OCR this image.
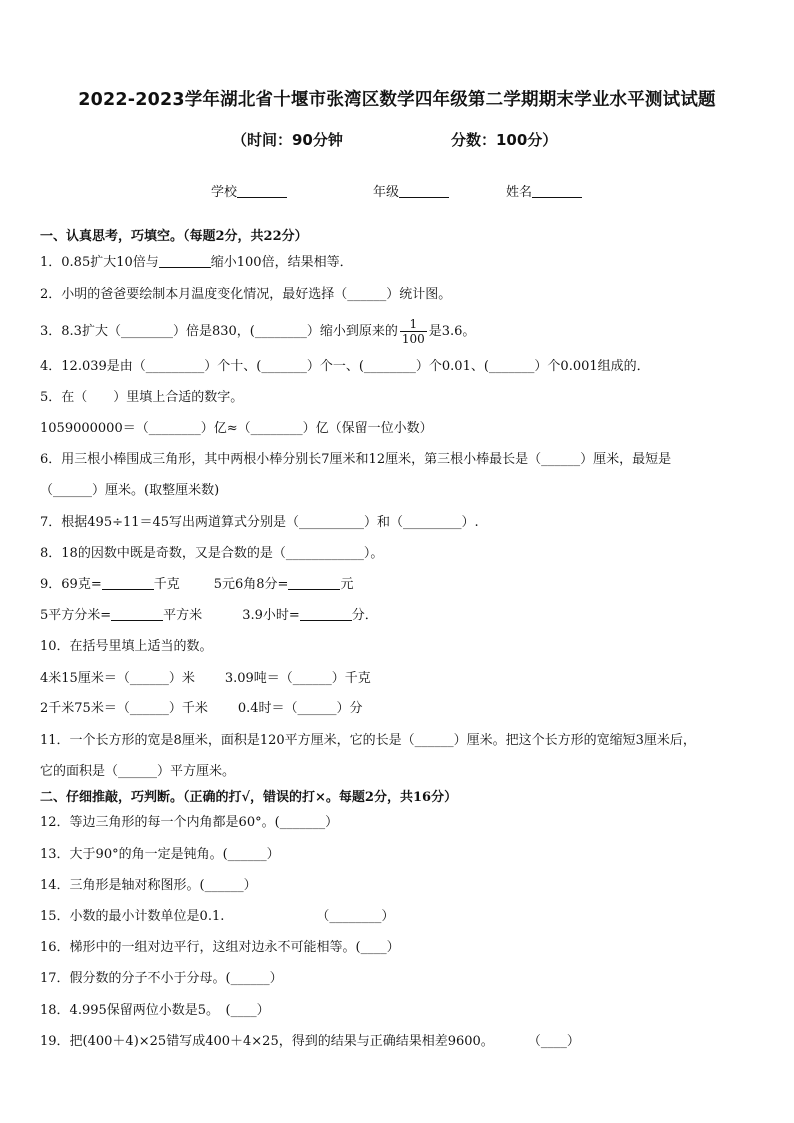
2022-2023学年湖北省十堰市张湾区数学四年级第二学期期末学业水平测试试题
（时间：90分钟	分数：100分）
学校	年级	姓名
一、认真思考，巧填空。（每题2分，共22分）
1．0.85扩大10倍与	缩小100倍，结果相等．
2．小明的爸爸要绘制本月温度变化情况，最好选择（______）统计图。
3．8.3扩大（________）倍是830，(________）缩小到原来的 $\frac{1}{100}$ 是3.6。
4．12.039是由（_________）个十、(_______）个一、(________）个0.01、(_______）个0.001组成的．
5．在（　　）里填上合适的数字。
1059000000＝（________）亿≈（________）亿（保留一位小数）
6．用三根小棒围成三角形，其中两根小棒分别长7厘米和12厘米，第三根小棒最长是（______）厘米，最短是
（______）厘米。(取整厘米数)
7．根据495÷11＝45写出两道算式分别是（__________）和（_________）.
8．18的因数中既是奇数，又是合数的是（____________）。
9．69克=	千克	5元6角8分=	元
5平方分米=	平方米	3.9小时=	分．
10．在括号里填上适当的数。
4米15厘米＝（______）米 3.09吨＝（______）千克
2千米75米＝（______）千米 0.4时＝（______）分
11．一个长方形的宽是8厘米，面积是120平方厘米，它的长是（______）厘米。把这个长方形的宽缩短3厘米后，
它的面积是（______）平方厘米。
二、仔细推敲，巧判断。（正确的打√，错误的打×。每题2分，共16分）
12．等边三角形的每一个内角都是60°。(_______）
13．大于90°的角一定是钝角。(______）
14．三角形是轴对称图形。(______）
15．小数的最小计数单位是0.1.	（________）
16．梯形中的一组对边平行，这组对边永不可能相等。(____）
17．假分数的分子不小于分母。(______）
18．4.995保留两位小数是5。　(____）
19．把(400＋4)×25错写成400＋4×25，得到的结果与正确结果相差9600。	（____）
